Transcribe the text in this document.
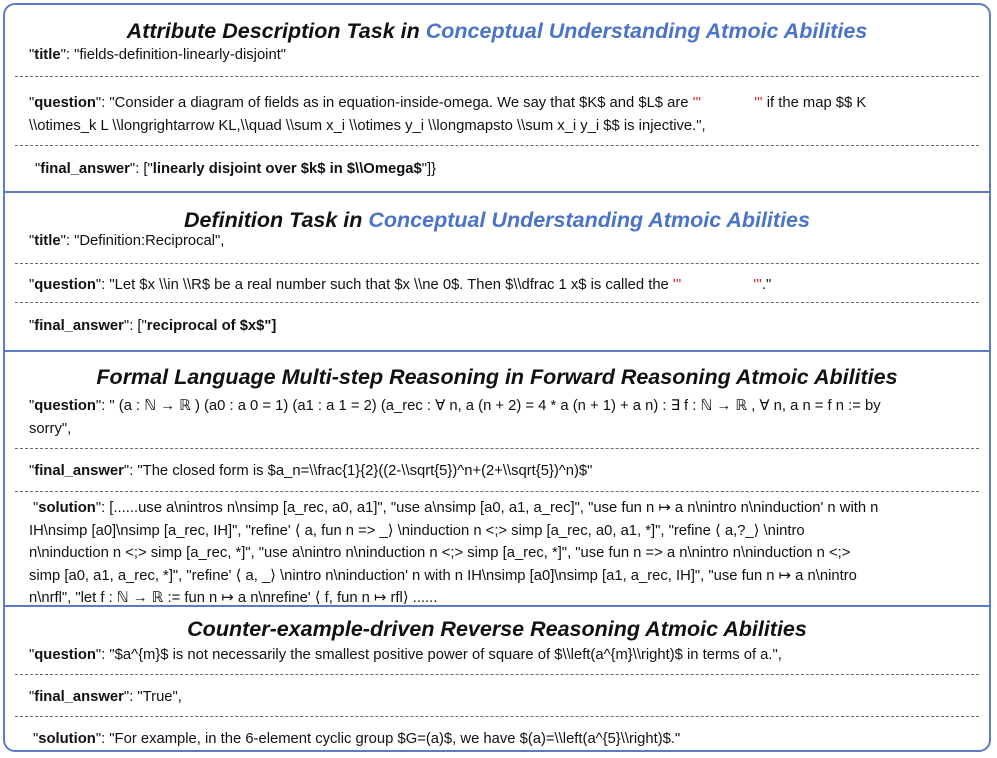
Attribute Description Task in Conceptual Understanding Atmoic Abilities

"title": "fields-definition-linearly-disjoint"
"question": "Consider a diagram of fields as in equation-inside-omega. We say that $K$ and $L$ are '''	''' if the map $$ K
\\otimes_k L \\longrightarrow KL,\\quad \\sum x_i \\otimes y_i \\longmapsto \\sum x_i y_i $$ is injective.",
"final_answer": ["linearly disjoint over $k$ in $\\Omega$"]}

Definition Task in Conceptual Understanding Atmoic Abilities

"title": "Definition:Reciprocal",
"question": "Let $x \\in \\R$ be a real number such that $x \\ne 0$. Then $\\dfrac 1 x$ is called the '''	'''."
"final_answer": ["reciprocal of $x$"]

Formal Language Multi-step Reasoning in Forward Reasoning Atmoic Abilities

"question": " (a : ℕ → ℝ ) (a0 : a 0 = 1) (a1 : a 1 = 2) (a_rec : ∀ n, a (n + 2) = 4 * a (n + 1) + a n) : ∃ f : ℕ → ℝ , ∀ n, a n = f n := by
sorry",
"final_answer": "The closed form is $a_n=\\frac{1}{2}((2-\\sqrt{5})^n+(2+\\sqrt{5})^n)$"
"solution": [......use a\nintros n\nsimp [a_rec, a0, a1]", "use a\nsimp [a0, a1, a_rec]", "use fun n ↦ a n\nintro n\ninduction' n with n
IH\nsimp [a0]\nsimp [a_rec, IH]", "refine' ⟨ a, fun n => _⟩ \ninduction n <;> simp [a_rec, a0, a1, *]", "refine ⟨ a,?_⟩ \nintro
n\ninduction n <;> simp [a_rec, *]", "use a\nintro n\ninduction n <;> simp [a_rec, *]", "use fun n => a n\nintro n\ninduction n <;>
simp [a0, a1, a_rec, *]", "refine' ⟨ a, _⟩ \nintro n\ninduction' n with n IH\nsimp [a0]\nsimp [a1, a_rec, IH]", "use fun n ↦ a n\nintro
n\nrfl", "let f : ℕ → ℝ := fun n ↦ a n\nrefine' ⟨ f, fun n ↦ rfl⟩ ......

Counter-example-driven Reverse Reasoning Atmoic Abilities

"question": "$a^{m}$ is not necessarily the smallest positive power of square of $\\left(a^{m}\\right)$ in terms of a.",
"final_answer": "True",
"solution": "For example, in the 6-element cyclic group $G=(a)$, we have $(a)=\\left(a^{5}\\right)$."
